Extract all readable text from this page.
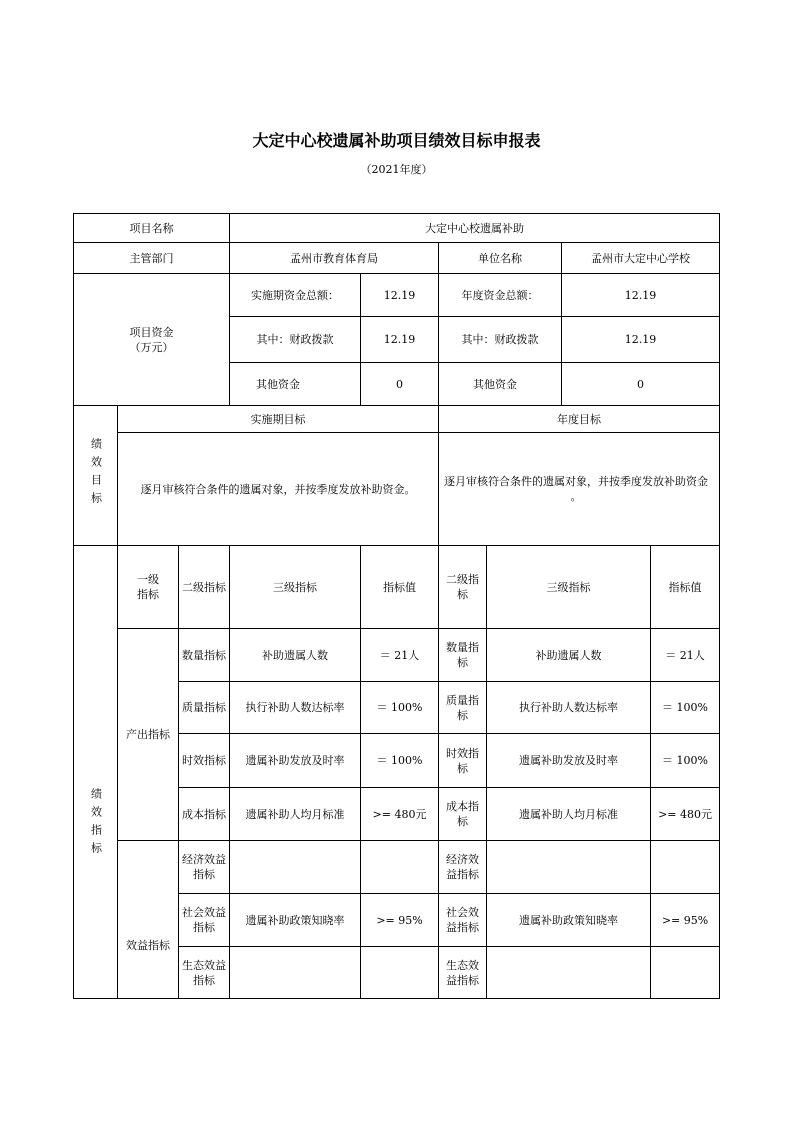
大定中心校遗属补助项目绩效目标申报表
（2021年度）
项目名称			大定中心校遗属补助					
主管部门			孟州市教育体育局		单位名称		孟州市大定中心学校	

项目资金
（万元）			实施期资金总额：	12.19	年度资金总额：		12.19	
			其中：财政拨款	12.19	其中：财政拨款		12.19	
			其他资金	0	其他资金		0	
绩效目标	实施期目标				年度目标			

	逐月审核符合条件的遗属对象，并按季度发放补助资金。				逐月审核符合条件的遗属对象，并按季度发放补助资金。			

绩效指标	一级指标	二级指标	三级指标	指标值	二级指标	三级指标		指标值
	产出指标	数量指标	补助遗属人数	＝ 21人	数量指标	补助遗属人数		＝ 21人
		质量指标	执行补助人数达标率	＝ 100%	质量指标	执行补助人数达标率		＝ 100%
		时效指标	遗属补助发放及时率	＝ 100%	时效指标	遗属补助发放及时率		＝ 100%
		成本指标	遗属补助人均月标准	>= 480元	成本指标	遗属补助人均月标准		>= 480元
	效益指标	经济效益指标			经济效益指标			
		社会效益指标	遗属补助政策知晓率	>= 95%	社会效益指标	遗属补助政策知晓率		>= 95%
		生态效益指标			生态效益指标			
